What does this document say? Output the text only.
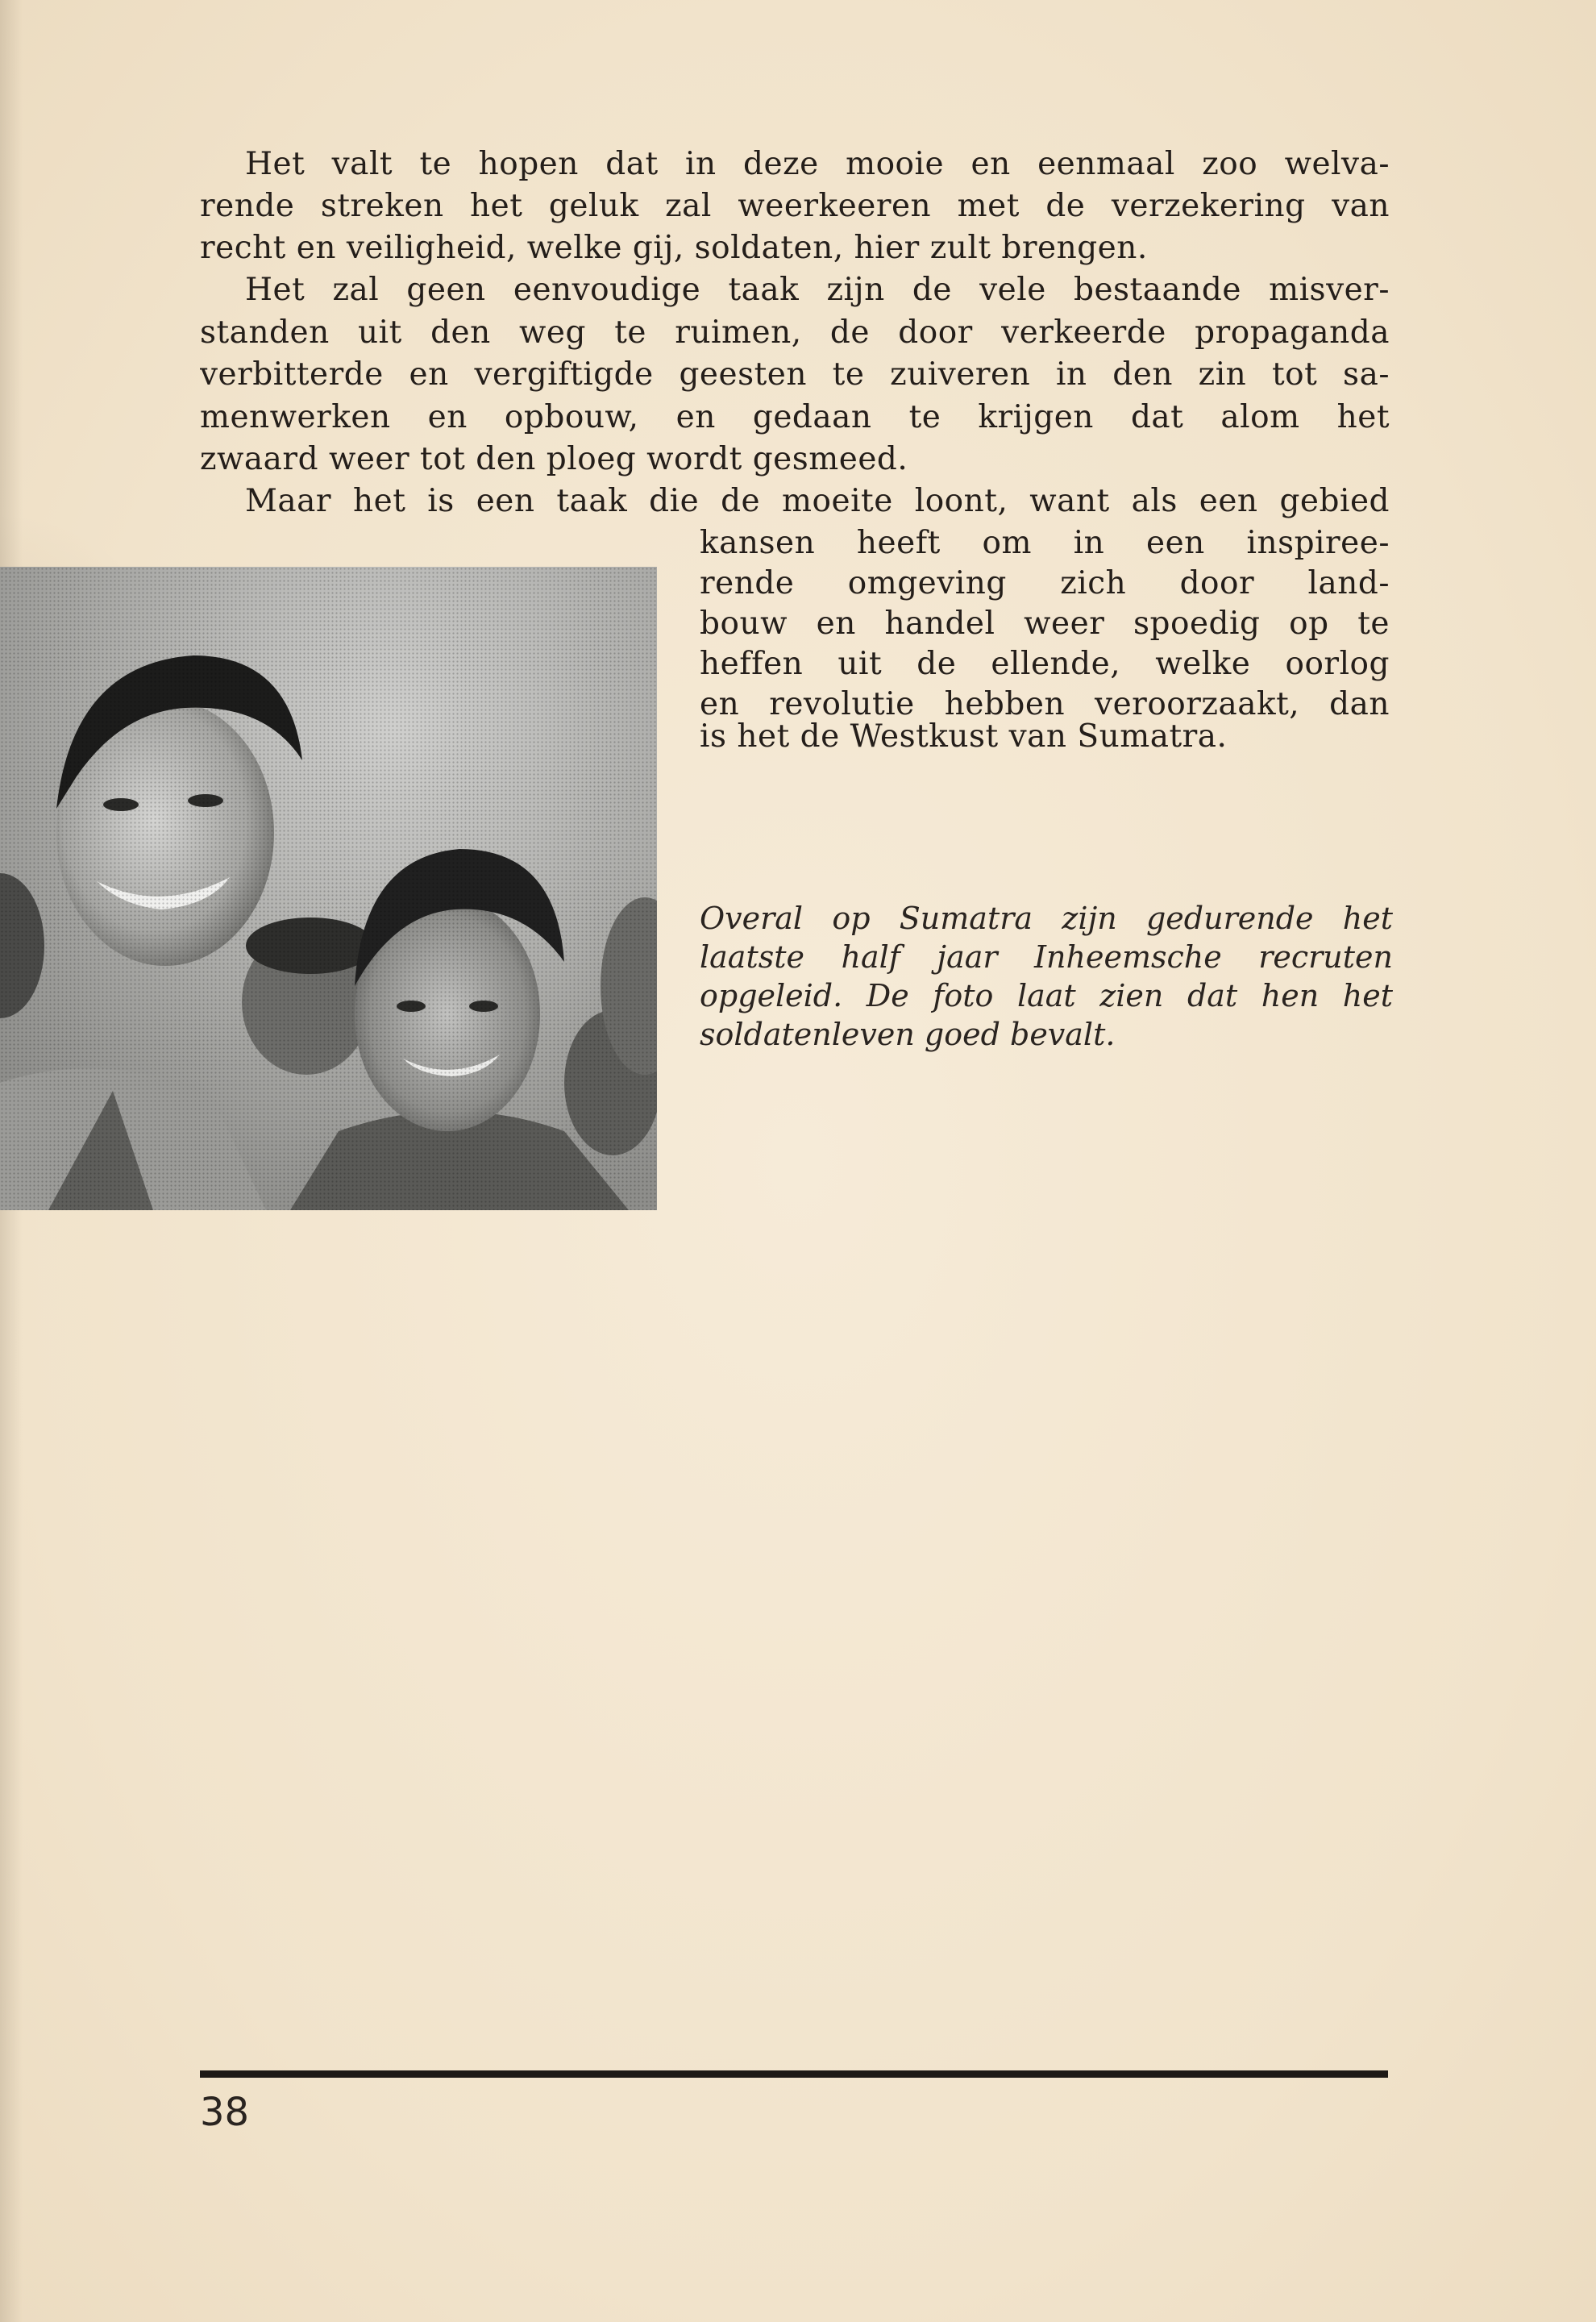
Het valt te hopen dat in deze mooie en eenmaal zoo welva-
rende streken het geluk zal weerkeeren met de verzekering van
recht en veiligheid, welke gij, soldaten, hier zult brengen.
Het zal geen eenvoudige taak zijn de vele bestaande misver-
standen uit den weg te ruimen, de door verkeerde propaganda
verbitterde en vergiftigde geesten te zuiveren in den zin tot sa-
menwerken en opbouw, en gedaan te krijgen dat alom het
zwaard weer tot den ploeg wordt gesmeed.
Maar het is een taak die de moeite loont, want als een gebied
kansen heeft om in een inspiree-
rende omgeving zich door land-
bouw en handel weer spoedig op te
heffen uit de ellende, welke oorlog
en revolutie hebben veroorzaakt, dan
is het de Westkust van Sumatra.
Overal op Sumatra zijn gedurende het
laatste half jaar Inheemsche recruten
opgeleid. De foto laat zien dat hen het
soldatenleven goed bevalt.
38
